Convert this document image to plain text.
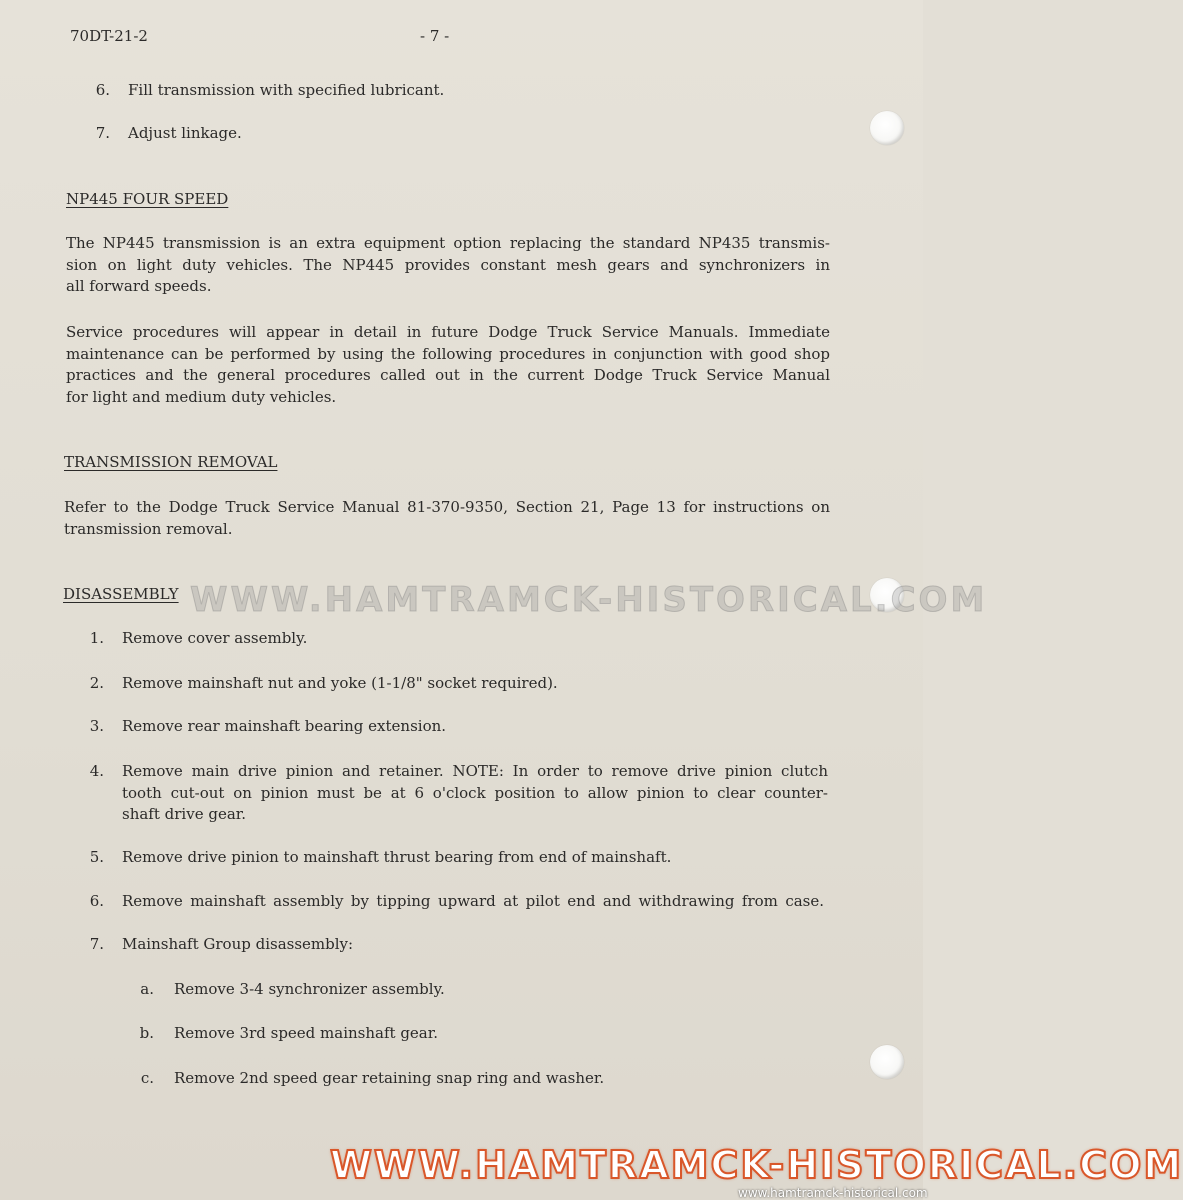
70DT-21-2	- 7 -
6. Fill transmission with specified lubricant.
7. Adjust linkage.
NP445 FOUR SPEED
The NP445 transmission is an extra equipment option replacing the standard NP435 transmis-
sion on light duty vehicles. The NP445 provides constant mesh gears and synchronizers in
all forward speeds.
Service procedures will appear in detail in future Dodge Truck Service Manuals. Immediate
maintenance can be performed by using the following procedures in conjunction with good shop
practices and the general procedures called out in the current Dodge Truck Service Manual
for light and medium duty vehicles.
TRANSMISSION REMOVAL
Refer to the Dodge Truck Service Manual 81-370-9350, Section 21, Page 13 for instructions on
transmission removal.
DISASSEMBLY
1. Remove cover assembly.
2. Remove mainshaft nut and yoke (1-1/8" socket required).
3. Remove rear mainshaft bearing extension.
4. Remove main drive pinion and retainer. NOTE: In order to remove drive pinion clutch
tooth cut-out on pinion must be at 6 o'clock position to allow pinion to clear counter-
shaft drive gear.
5. Remove drive pinion to mainshaft thrust bearing from end of mainshaft.
6. Remove mainshaft assembly by tipping upward at pilot end and withdrawing from case.
7. Mainshaft Group disassembly:
a. Remove 3-4 synchronizer assembly.
b. Remove 3rd speed mainshaft gear.
c. Remove 2nd speed gear retaining snap ring and washer.
WWW.HAMTRAMCK-HISTORICAL.COM
WWW.HAMTRAMCK-HISTORICAL.COM
www.hamtramck-historical.com
